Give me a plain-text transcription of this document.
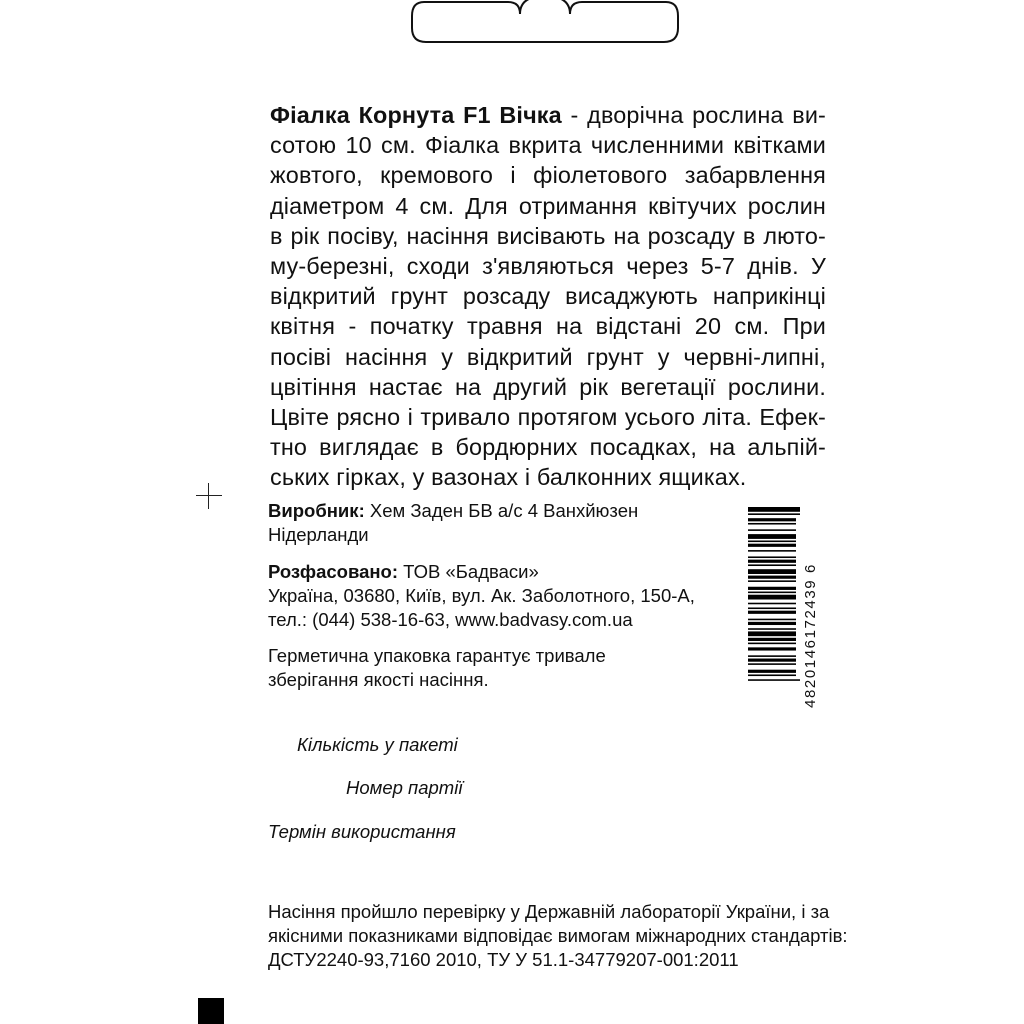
Фіалка Корнута F1 Вічка - дворічна рослина ви-
сотою 10 см. Фіалка вкрита численними квітками
жовтого, кремового і фіолетового забарвлення
діаметром 4 см. Для отримання квітучих рослин
в рік посіву, насіння висівають на розсаду в люто-
му-березні, сходи з'являються через 5-7 днів. У
відкритий грунт розсаду висаджують наприкінці
квітня - початку травня на відстані 20 см. При
посіві насіння у відкритий грунт у червні-липні,
цвітіння настає на другий рік вегетації рослини.
Цвіте рясно і тривало протягом усього літа. Ефек-
тно виглядає в бордюрних посадках, на альпій-
ських гірках, у вазонах і балконних ящиках.
Виробник: Хем Заден БВ а/с 4 Ванхйюзен
Нідерланди
Розфасовано: ТОВ «Бадваси»
Україна, 03680, Київ, вул. Ак. Заболотного, 150-А,
тел.: (044) 538-16-63, www.badvasy.com.ua
Герметична упаковка гарантує тривале
зберігання якості насіння.	4820146172439 6
Кількість у пакеті
Номер партії
Термін використання
Насіння пройшло перевірку у Державній лабораторії України, і за
якісними показниками відповідає вимогам міжнародних стандартів:
ДСТУ2240-93,7160 2010, ТУ У 51.1-34779207-001:2011
